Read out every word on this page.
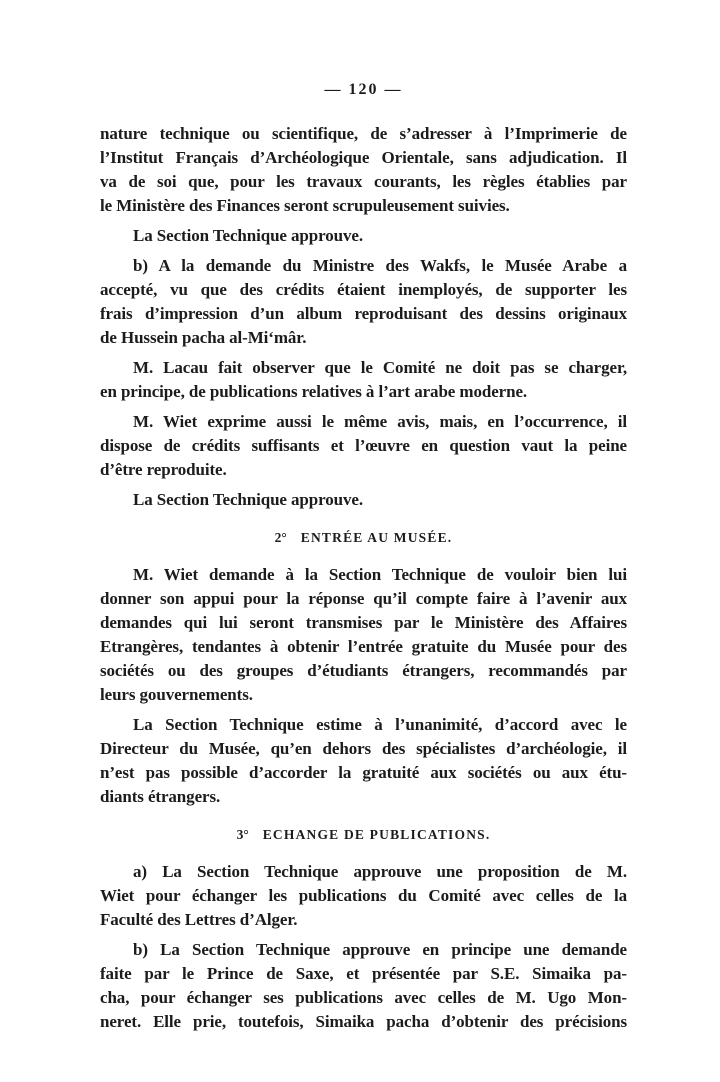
— 120 —
nature technique ou scientifique, de s’adresser à l’Imprimerie de
l’Institut Français d’Archéologique Orientale, sans adjudication. Il
va de soi que, pour les travaux courants, les règles établies par
le Ministère des Finances seront scrupuleusement suivies.
La Section Technique approuve.
b) A la demande du Ministre des Wakfs, le Musée Arabe a
accepté, vu que des crédits étaient inemployés, de supporter les
frais d’impression d’un album reproduisant des dessins originaux
de Hussein pacha al-Mi‘mâr.
M. Lacau fait observer que le Comité ne doit pas se charger,
en principe, de publications relatives à l’art arabe moderne.
M. Wiet exprime aussi le même avis, mais, en l’occurrence, il
dispose de crédits suffisants et l’œuvre en question vaut la peine
d’être reproduite.
La Section Technique approuve.
2° ENTRÉE AU MUSÉE.
M. Wiet demande à la Section Technique de vouloir bien lui
donner son appui pour la réponse qu’il compte faire à l’avenir aux
demandes qui lui seront transmises par le Ministère des Affaires
Etrangères, tendantes à obtenir l’entrée gratuite du Musée pour des
sociétés ou des groupes d’étudiants étrangers, recommandés par
leurs gouvernements.
La Section Technique estime à l’unanimité, d’accord avec le
Directeur du Musée, qu’en dehors des spécialistes d’archéologie, il
n’est pas possible d’accorder la gratuité aux sociétés ou aux étu-
diants étrangers.
3° ECHANGE DE PUBLICATIONS.
a) La Section Technique approuve une proposition de M.
Wiet pour échanger les publications du Comité avec celles de la
Faculté des Lettres d’Alger.
b) La Section Technique approuve en principe une demande
faite par le Prince de Saxe, et présentée par S.E. Simaika pa-
cha, pour échanger ses publications avec celles de M. Ugo Mon-
neret. Elle prie, toutefois, Simaika pacha d’obtenir des précisions
